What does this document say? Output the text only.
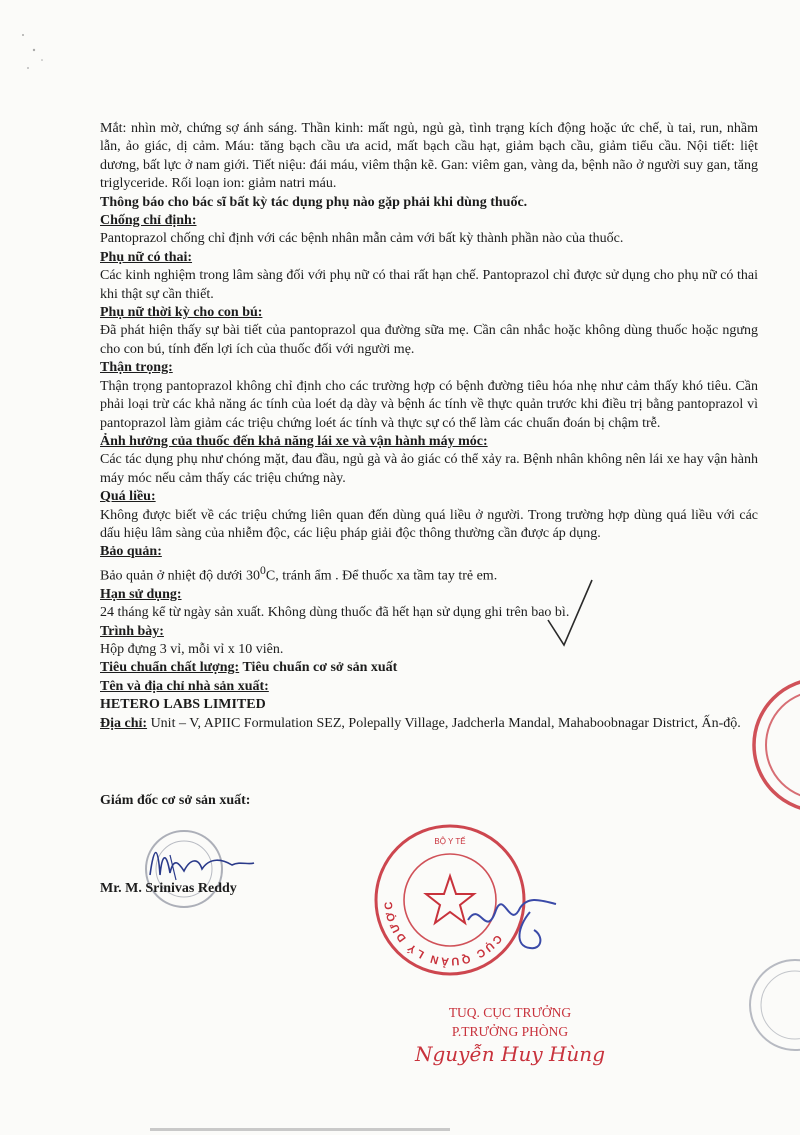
Mắt: nhìn mờ, chứng sợ ánh sáng. Thần kinh: mất ngủ, ngủ gà, tình trạng kích động hoặc ức chế, ù tai, run, nhầm lẫn, ảo giác, dị cảm. Máu: tăng bạch cầu ưa acid, mất bạch cầu hạt, giảm bạch cầu, giảm tiểu cầu. Nội tiết: liệt dương, bất lực ở nam giới. Tiết niệu: đái máu, viêm thận kẽ. Gan: viêm gan, vàng da, bệnh não ở người suy gan, tăng triglyceride. Rối loạn ion: giảm natri máu.

Thông báo cho bác sĩ bất kỳ tác dụng phụ nào gặp phải khi dùng thuốc.

Chống chỉ định:

Pantoprazol chống chỉ định với các bệnh nhân mẫn cảm với bất kỳ thành phần nào của thuốc.

Phụ nữ có thai:

Các kinh nghiệm trong lâm sàng đối với phụ nữ có thai rất hạn chế. Pantoprazol chỉ được sử dụng cho phụ nữ có thai khi thật sự cần thiết.

Phụ nữ thời kỳ cho con bú:

Đã phát hiện thấy sự bài tiết của pantoprazol qua đường sữa mẹ. Cần cân nhắc hoặc không dùng thuốc hoặc ngưng cho con bú, tính đến lợi ích của thuốc đối với người mẹ.

Thận trọng:

Thận trọng pantoprazol không chỉ định cho các trường hợp có bệnh đường tiêu hóa nhẹ như cảm thấy khó tiêu. Cần phải loại trừ các khả năng ác tính của loét dạ dày và bệnh ác tính về thực quản trước khi điều trị bằng pantoprazol vì pantoprazol làm giảm các triệu chứng loét ác tính và thực sự có thể làm các chuẩn đoán bị chậm trễ.

Ảnh hưởng của thuốc đến khả năng lái xe và vận hành máy móc:

Các tác dụng phụ như chóng mặt, đau đầu, ngủ gà và ảo giác có thể xảy ra. Bệnh nhân không nên lái xe hay vận hành máy móc nếu cảm thấy các triệu chứng này.

Quá liều:

Không được biết về các triệu chứng liên quan đến dùng quá liều ở người. Trong trường hợp dùng quá liều với các dấu hiệu lâm sàng của nhiễm độc, các liệu pháp giải độc thông thường cần được áp dụng.

Bảo quản:

Bảo quản ở nhiệt độ dưới $30^0C$, tránh ẩm . Để thuốc xa tầm tay trẻ em.

Hạn sử dụng:

24 tháng kể từ ngày sản xuất. Không dùng thuốc đã hết hạn sử dụng ghi trên bao bì.

Trình bày:

Hộp đựng 3 vỉ, mỗi vỉ x 10 viên.

Tiêu chuẩn chất lượng: Tiêu chuẩn cơ sở sản xuất

Tên và địa chỉ nhà sản xuất:

HETERO LABS LIMITED

Địa chỉ: Unit – V, APIIC Formulation SEZ, Polepally Village, Jadcherla Mandal, Mahaboobnagar District, Ấn-độ.

Giám đốc cơ sở sản xuất:
Mr. M. Srinivas Reddy
CỤC QUẢN LÝ DƯỢC
BỘ Y TẾ
TUQ. CỤC TRƯỞNG
P.TRƯỞNG PHÒNG
Nguyễn Huy Hùng
